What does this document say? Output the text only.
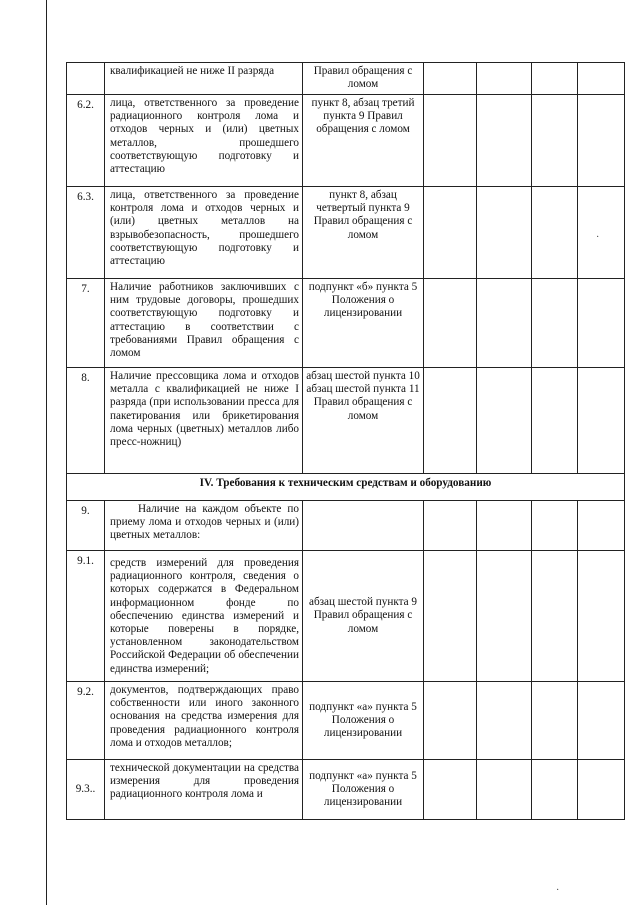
	квалификацией не ниже II разряда	Правил обращения с ломом				
6.2.	лица, ответственного за проведение радиационного контроля лома и отходов черных и (или) цветных металлов, прошедшего соответствующую подготовку и аттестацию	пункт 8, абзац третий пункта 9 Правил обращения с ломом				
6.3.	лица, ответственного за проведение контроля лома и отходов черных и (или) цветных металлов на взрывобезопасность, прошедшего соответствующую подготовку и аттестацию	пункт 8, абзац четвертый пункта 9 Правил обращения с ломом				
7.	Наличие работников заключивших с ним трудовые договоры, прошедших соответствующую подготовку и аттестацию в соответствии с требованиями Правил обращения с ломом	подпункт «б» пункта 5 Положения о лицензировании				
8.	Наличие прессовщика лома и отходов металла с квалификацией не ниже I разряда (при использовании пресса для пакетирования или брикетирования лома черных (цветных) металлов либо пресс-ножниц)	абзац шестой пункта 10 абзац шестой пункта 11 Правил обращения с ломом				
IV. Требования к техническим средствам и оборудованию						
9.	Наличие на каждом объекте по приему лома и отходов черных и (или) цветных металлов:					
9.1.	средств измерений для проведения радиационного контроля, сведения о которых содержатся в Федеральном информационном фонде по обеспечению единства измерений и которые поверены в порядке, установленном законодательством Российской Федерации об обеспечении единства измерений;	абзац шестой пункта 9 Правил обращения с ломом				
9.2.	документов, подтверждающих право собственности или иного законного основания на средства измерения для проведения радиационного контроля лома и отходов металлов;	подпункт «а» пункта 5 Положения о лицензировании				
9.3..	технической документации на средства измерения для проведения радиационного контроля лома и	подпункт «а» пункта 5 Положения о лицензировании				
·
·
